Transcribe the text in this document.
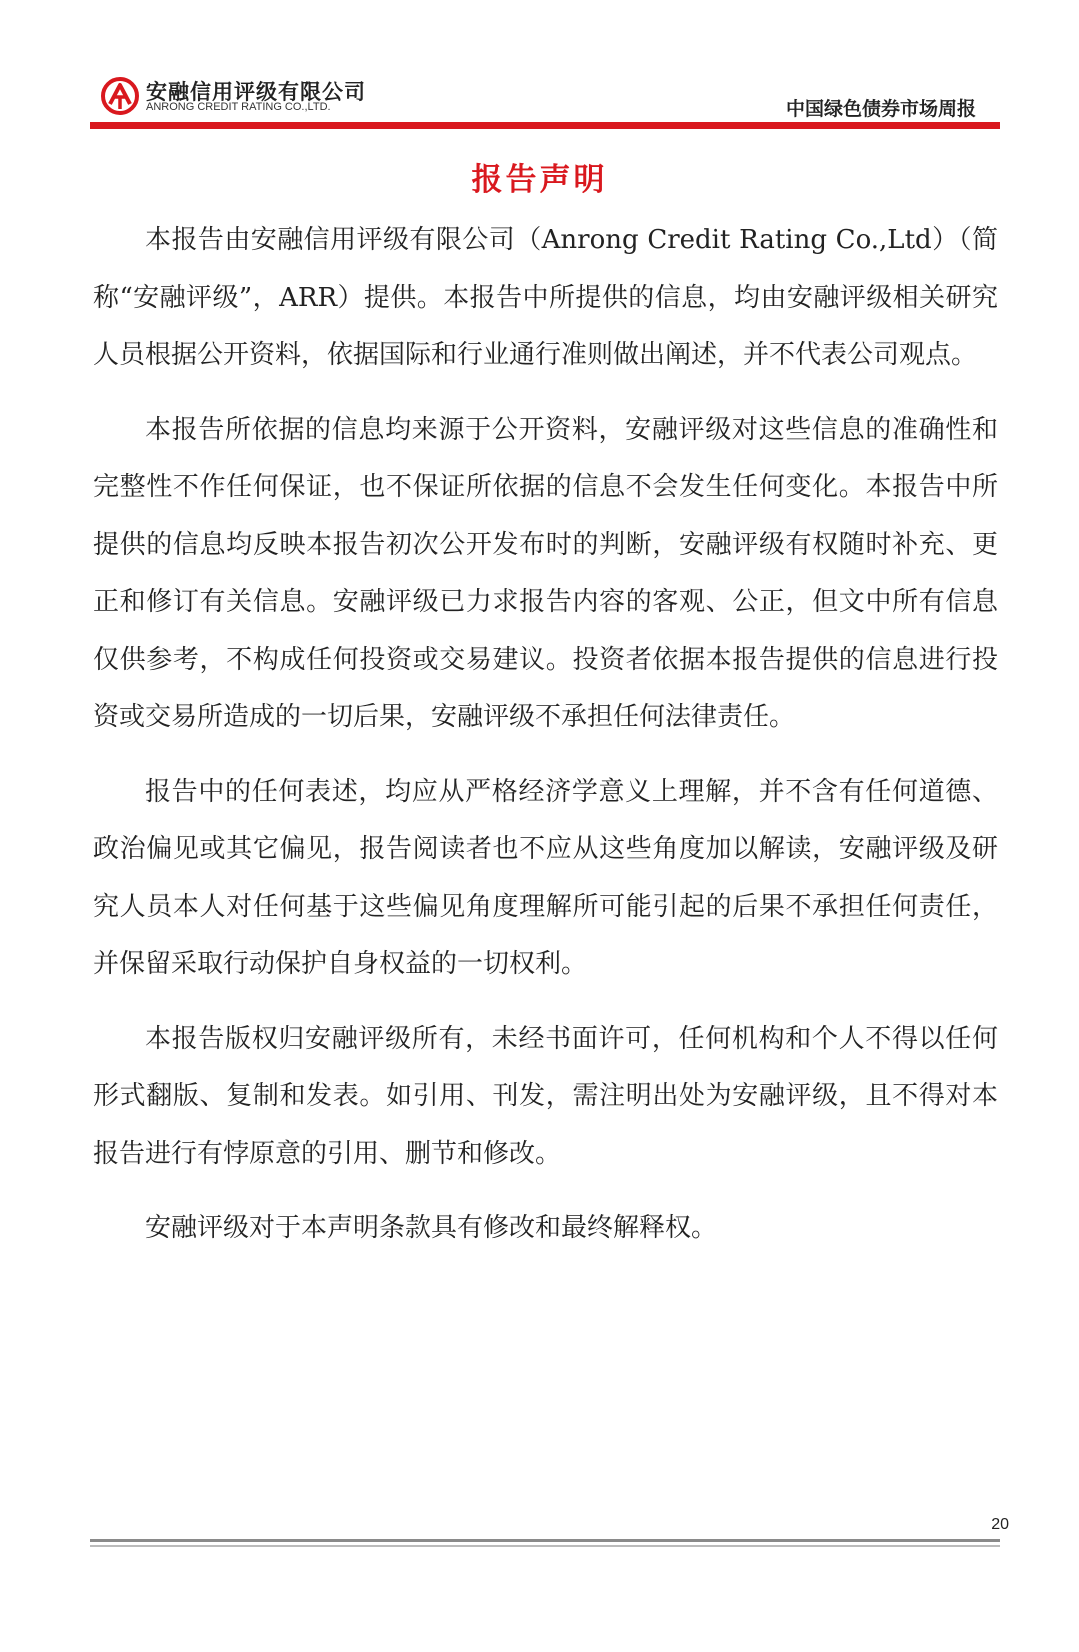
安融信用评级有限公司
ANRONG CREDIT RATING CO.,LTD.	中国绿色债券市场周报
报告声明

本报告由安融信用评级有限公司（Anrong Credit Rating Co.,Ltd）（简称“安融评级”，ARR）提供。本报告中所提供的信息，均由安融评级相关研究人员根据公开资料，依据国际和行业通行准则做出阐述，并不代表公司观点。

本报告所依据的信息均来源于公开资料，安融评级对这些信息的准确性和完整性不作任何保证，也不保证所依据的信息不会发生任何变化。本报告中所提供的信息均反映本报告初次公开发布时的判断，安融评级有权随时补充、更正和修订有关信息。安融评级已力求报告内容的客观、公正，但文中所有信息仅供参考，不构成任何投资或交易建议。投资者依据本报告提供的信息进行投资或交易所造成的一切后果，安融评级不承担任何法律责任。

报告中的任何表述，均应从严格经济学意义上理解，并不含有任何道德、政治偏见或其它偏见，报告阅读者也不应从这些角度加以解读，安融评级及研究人员本人对任何基于这些偏见角度理解所可能引起的后果不承担任何责任，并保留采取行动保护自身权益的一切权利。

本报告版权归安融评级所有，未经书面许可，任何机构和个人不得以任何形式翻版、复制和发表。如引用、刊发，需注明出处为安融评级，且不得对本报告进行有悖原意的引用、删节和修改。

安融评级对于本声明条款具有修改和最终解释权。

20
